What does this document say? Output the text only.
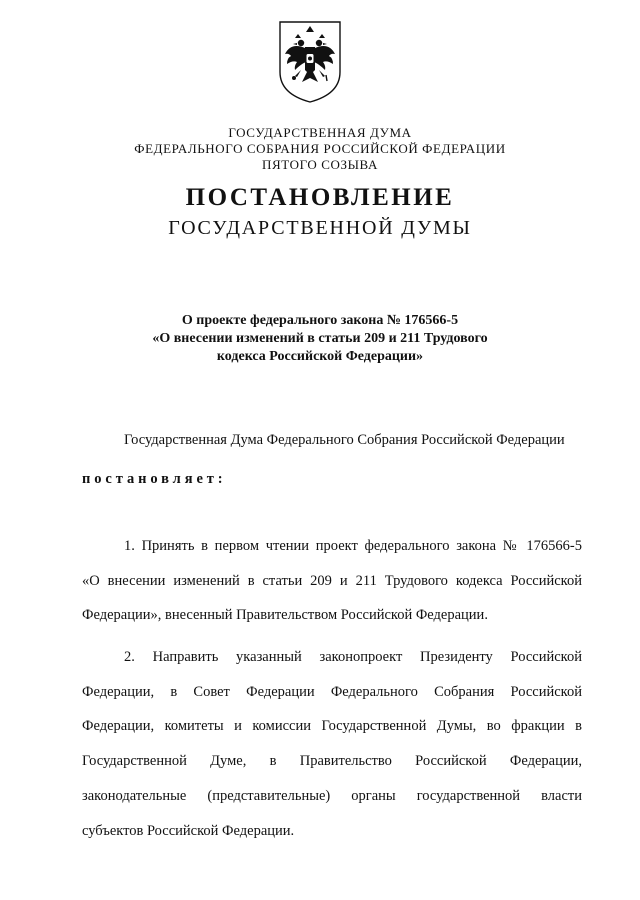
ГОСУДАРСТВЕННАЯ ДУМА
ФЕДЕРАЛЬНОГО СОБРАНИЯ РОССИЙСКОЙ ФЕДЕРАЦИИ
ПЯТОГО СОЗЫВА
ПОСТАНОВЛЕНИЕ
ГОСУДАРСТВЕННОЙ ДУМЫ
О проекте федерального закона № 176566-5
«О внесении изменений в статьи 209 и 211 Трудового
кодекса Российской Федерации»
Государственная Дума Федерального Собрания Российской Федерации
постановляет:
1. Принять в первом чтении проект федерального закона № 176566-5
«О внесении изменений в статьи 209 и 211 Трудового кодекса Российской
Федерации», внесенный Правительством Российской Федерации.
2. Направить указанный законопроект Президенту Российской
Федерации, в Совет Федерации Федерального Собрания Российской
Федерации, комитеты и комиссии Государственной Думы, во фракции в
Государственной Думе, в Правительство Российской Федерации,
законодательные (представительные) органы государственной власти
субъектов Российской Федерации.
